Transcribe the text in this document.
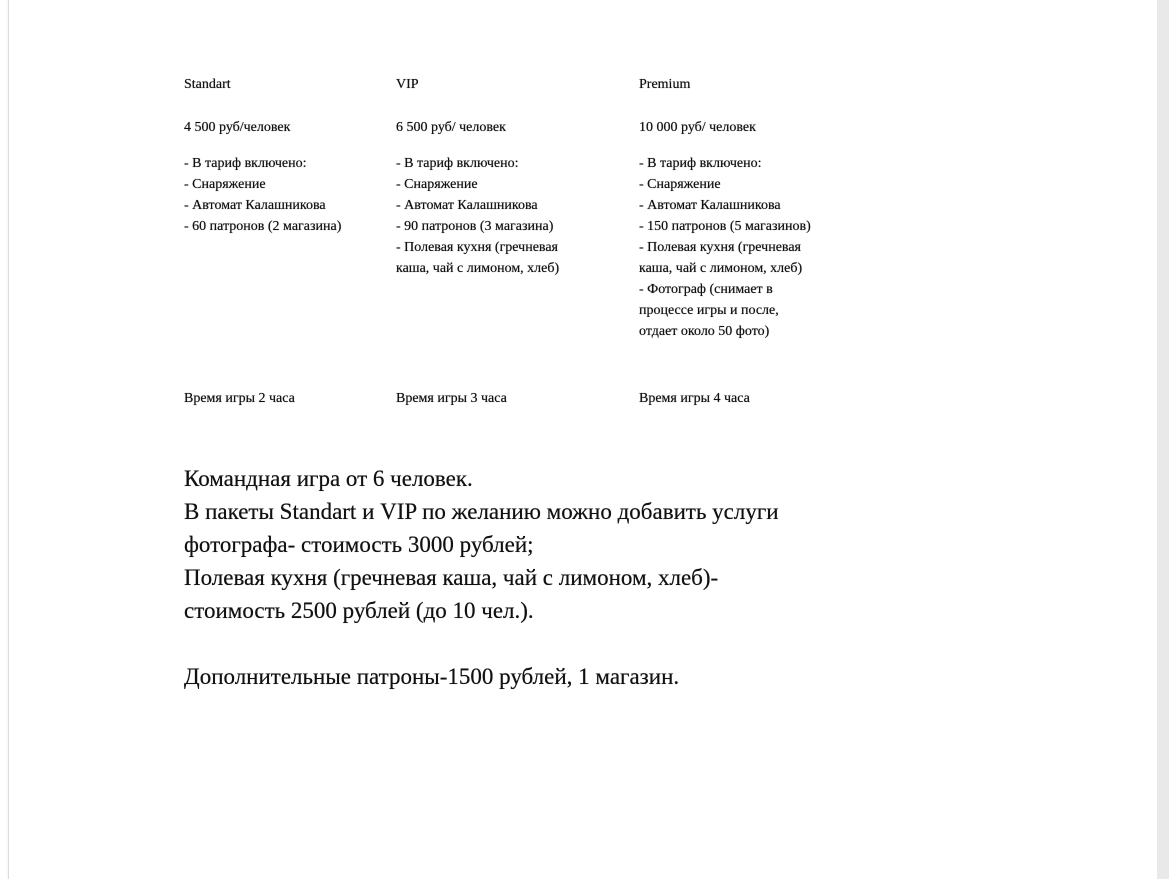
Standart
4 500 руб/человек
- В тариф включено:
- Снаряжение
- Автомат Калашникова
- 60 патронов (2 магазина)
Время игры 2 часа
VIP
6 500 руб/ человек
- В тариф включено:
- Снаряжение
- Автомат Калашникова
- 90 патронов (3 магазина)
- Полевая кухня (гречневая
каша, чай с лимоном, хлеб)
Время игры 3 часа
Premium
10 000 руб/ человек
- В тариф включено:
- Снаряжение
- Автомат Калашникова
- 150 патронов (5 магазинов)
- Полевая кухня (гречневая
каша, чай с лимоном, хлеб)
- Фотограф (снимает в
процессе игры и после,
отдает около 50 фото)
Время игры 4 часа
Командная игра от 6 человек.
В пакеты Standart и VIP по желанию можно добавить услуги
фотографа- стоимость 3000 рублей;
Полевая кухня (гречневая каша, чай с лимоном, хлеб)-
стоимость 2500 рублей (до 10 чел.).
Дополнительные патроны-1500 рублей, 1 магазин.
